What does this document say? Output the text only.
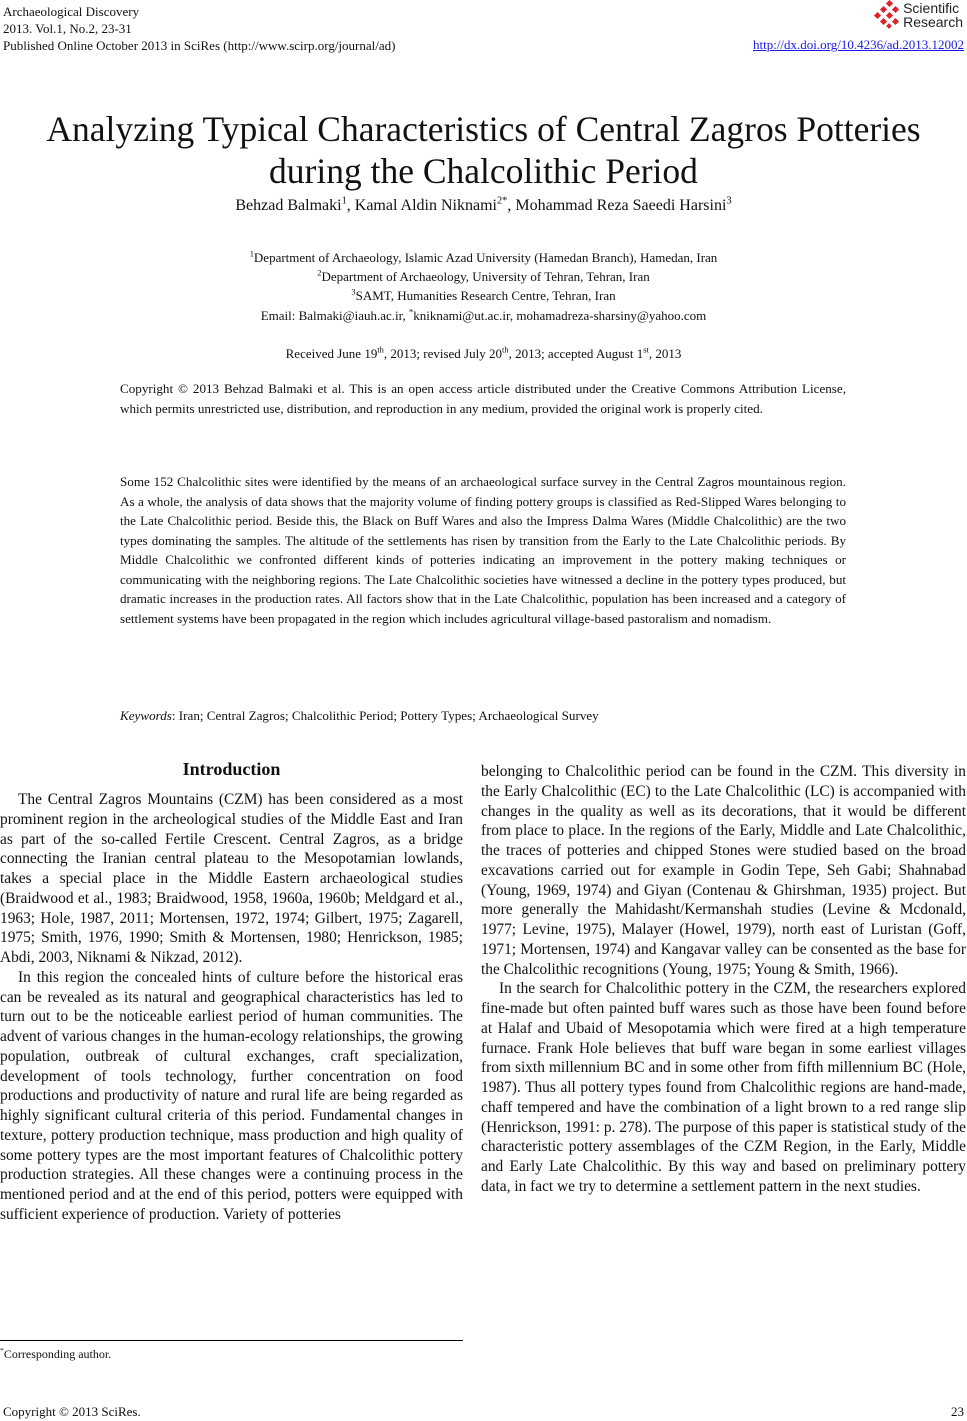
Archaeological Discovery
2013. Vol.1, No.2, 23-31
Published Online October 2013 in SciRes (http://www.scirp.org/journal/ad)
Scientific
Research
http://dx.doi.org/10.4236/ad.2013.12002
Analyzing Typical Characteristics of Central Zagros Potteries
during the Chalcolithic Period
Behzad Balmaki$^1$, Kamal Aldin Niknami$^{2*}$, Mohammad Reza Saeedi Harsini$^3$
$^1$Department of Archaeology, Islamic Azad University (Hamedan Branch), Hamedan, Iran
$^2$Department of Archaeology, University of Tehran, Tehran, Iran
$^3$SAMT, Humanities Research Centre, Tehran, Iran
Email: Balmaki@iauh.ac.ir, *kniknami@ut.ac.ir, mohamadreza-sharsiny@yahoo.com
Received June 19th, 2013; revised July 20th, 2013; accepted August 1st, 2013
Copyright © 2013 Behzad Balmaki et al. This is an open access article distributed under the Creative Commons Attribution License, which permits unrestricted use, distribution, and reproduction in any medium, provided the original work is properly cited.
Some 152 Chalcolithic sites were identified by the means of an archaeological surface survey in the Central Zagros mountainous region. As a whole, the analysis of data shows that the majority volume of finding pottery groups is classified as Red-Slipped Wares belonging to the Late Chalcolithic period. Beside this, the Black on Buff Wares and also the Impress Dalma Wares (Middle Chalcolithic) are the two types dominating the samples. The altitude of the settlements has risen by transition from the Early to the Late Chalcolithic periods. By Middle Chalcolithic we confronted different kinds of potteries indicating an improvement in the pottery making techniques or communicating with the neighboring regions. The Late Chalcolithic societies have witnessed a decline in the pottery types produced, but dramatic increases in the production rates. All factors show that in the Late Chalcolithic, population has been increased and a category of settlement systems have been propagated in the region which includes agricultural village-based pastoralism and nomadism.
Keywords: Iran; Central Zagros; Chalcolithic Period; Pottery Types; Archaeological Survey
Introduction

The Central Zagros Mountains (CZM) has been considered as a most prominent region in the archeological studies of the Middle East and Iran as part of the so-called Fertile Crescent. Central Zagros, as a bridge connecting the Iranian central plateau to the Mesopotamian lowlands, takes a special place in the Middle Eastern archaeological studies (Braidwood et al., 1983; Braidwood, 1958, 1960a, 1960b; Meldgard et al., 1963; Hole, 1987, 2011; Mortensen, 1972, 1974; Gilbert, 1975; Zagarell, 1975; Smith, 1976, 1990; Smith & Mortensen, 1980; Henrickson, 1985; Abdi, 2003, Niknami & Nikzad, 2012).

In this region the concealed hints of culture before the historical eras can be revealed as its natural and geographical characteristics has led to turn out to be the noticeable earliest period of human communities. The advent of various changes in the human-ecology relationships, the growing population, outbreak of cultural exchanges, craft specialization, development of tools technology, further concentration on food productions and productivity of nature and rural life are being regarded as highly significant cultural criteria of this period. Fundamental changes in texture, pottery production technique, mass production and high quality of some pottery types are the most important features of Chalcolithic pottery production strategies. All these changes were a continuing process in the mentioned period and at the end of this period, potters were equipped with sufficient experience of production. Variety of potteries

belonging to Chalcolithic period can be found in the CZM. This diversity in the Early Chalcolithic (EC) to the Late Chalcolithic (LC) is accompanied with changes in the quality as well as its decorations, that it would be different from place to place. In the regions of the Early, Middle and Late Chalcolithic, the traces of potteries and chipped Stones were studied based on the broad excavations carried out for example in Godin Tepe, Seh Gabi; Shahnabad (Young, 1969, 1974) and Giyan (Contenau & Ghirshman, 1935) project. But more generally the Mahidasht/Kermanshah studies (Levine & Mcdonald, 1977; Levine, 1975), Malayer (Howel, 1979), north east of Luristan (Goff, 1971; Mortensen, 1974) and Kangavar valley can be consented as the base for the Chalcolithic recognitions (Young, 1975; Young & Smith, 1966).

In the search for Chalcolithic pottery in the CZM, the researchers explored fine-made but often painted buff wares such as those have been found before at Halaf and Ubaid of Mesopotamia which were fired at a high temperature furnace. Frank Hole believes that buff ware began in some earliest villages from sixth millennium BC and in some other from fifth millennium BC (Hole, 1987). Thus all pottery types found from Chalcolithic regions are hand-made, chaff tempered and have the combination of a light brown to a red range slip (Henrickson, 1991: p. 278). The purpose of this paper is statistical study of the characteristic pottery assemblages of the CZM Region, in the Early, Middle and Early Late Chalcolithic. By this way and based on preliminary pottery data, in fact we try to determine a settlement pattern in the next studies.

*Corresponding author.
Copyright © 2013 SciRes.	23
